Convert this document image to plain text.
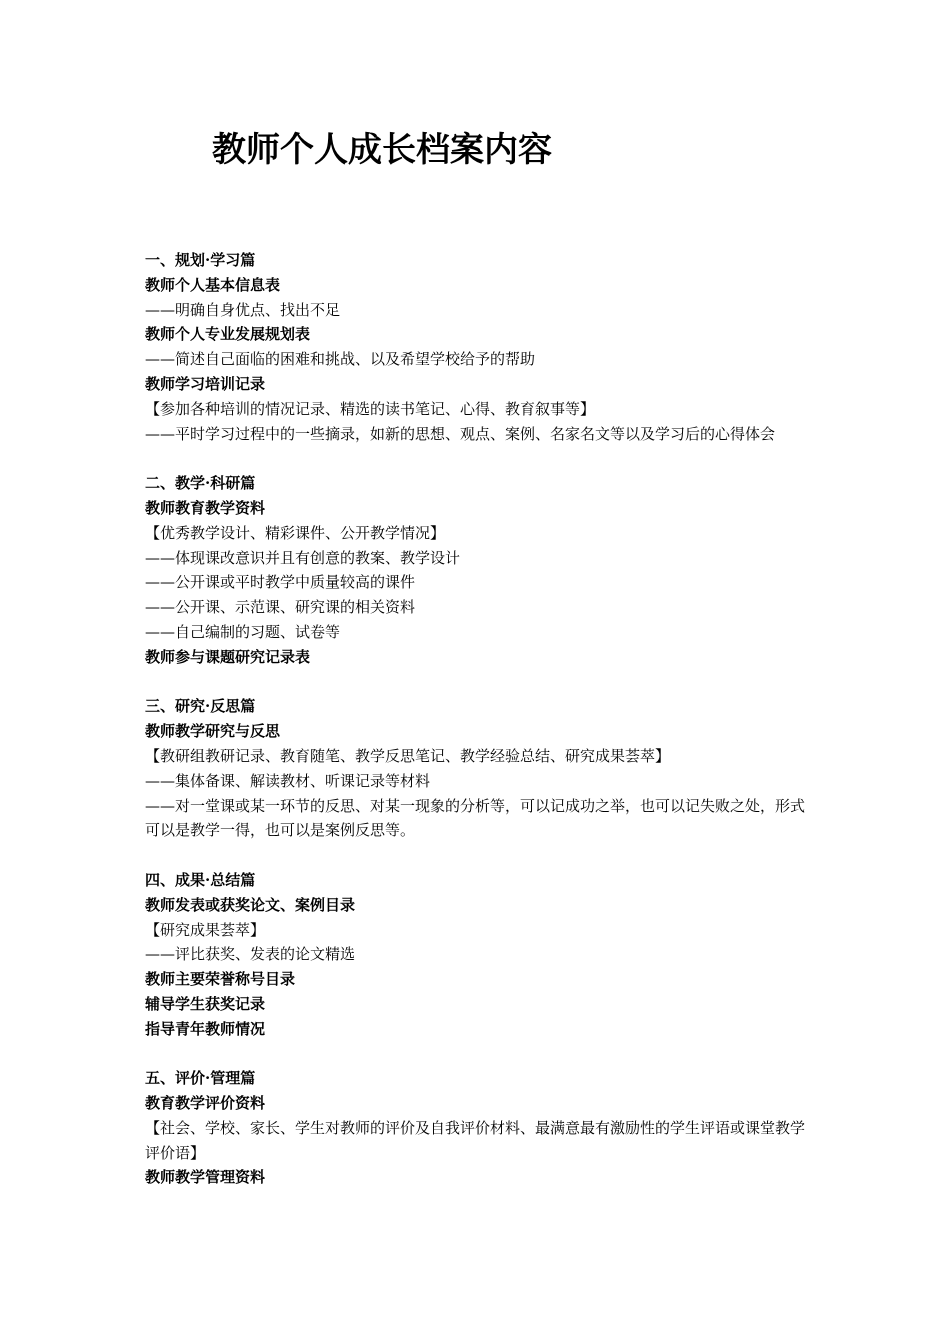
教师个人成长档案内容
一、规划·学习篇
教师个人基本信息表
——明确自身优点、找出不足
教师个人专业发展规划表
——简述自己面临的困难和挑战、以及希望学校给予的帮助
教师学习培训记录
【参加各种培训的情况记录、精选的读书笔记、心得、教育叙事等】
——平时学习过程中的一些摘录，如新的思想、观点、案例、名家名文等以及学习后的心得体会
二、教学·科研篇
教师教育教学资料
【优秀教学设计、精彩课件、公开教学情况】
——体现课改意识并且有创意的教案、教学设计
——公开课或平时教学中质量较高的课件
——公开课、示范课、研究课的相关资料
——自己编制的习题、试卷等
教师参与课题研究记录表
三、研究·反思篇
教师教学研究与反思
【教研组教研记录、教育随笔、教学反思笔记、教学经验总结、研究成果荟萃】
——集体备课、解读教材、听课记录等材料
——对一堂课或某一环节的反思、对某一现象的分析等，可以记成功之举，也可以记失败之处，形式可以是教学一得，也可以是案例反思等。
四、成果·总结篇
教师发表或获奖论文、案例目录
【研究成果荟萃】
——评比获奖、发表的论文精选
教师主要荣誉称号目录
辅导学生获奖记录
指导青年教师情况
五、评价·管理篇
教育教学评价资料
【社会、学校、家长、学生对教师的评价及自我评价材料、最满意最有激励性的学生评语或课堂教学评价语】
教师教学管理资料
